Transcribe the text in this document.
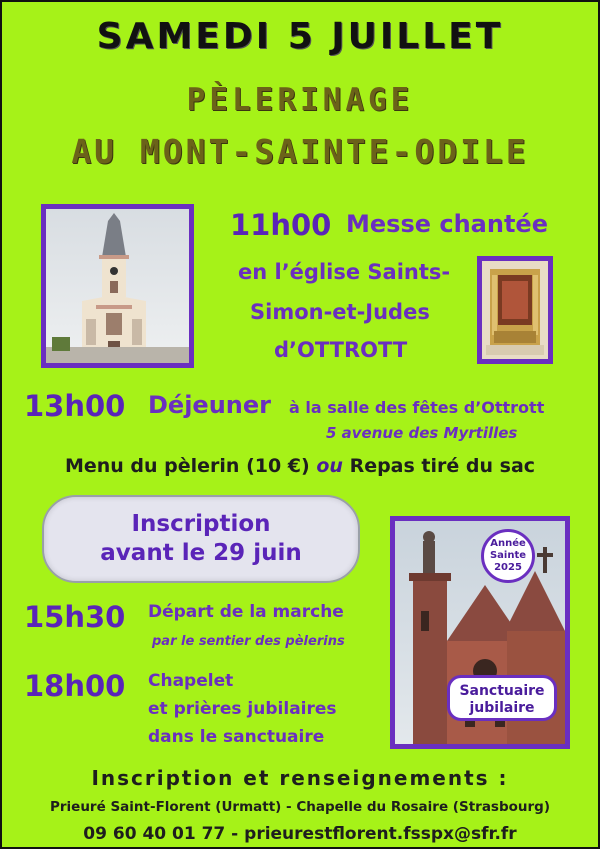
SAMEDI 5 JUILLET
PÈLERINAGE
AU MONT-SAINTE-ODILE
11h00 Messe chantée
en l’église Saints-
Simon-et-Judes
d’OTTROTT
13h00 Déjeuner à la salle des fêtes d’Ottrott
5 avenue des Myrtilles
Menu du pèlerin (10 €) ou Repas tiré du sac
Inscription
avant le 29 juin	Année
Sainte
2025
Sanctuaire
jubilaire
15h30 Départ de la marche
par le sentier des pèlerins
18h00 Chapelet
et prières jubilaires
dans le sanctuaire
Inscription et renseignements :
Prieuré Saint-Florent (Urmatt) - Chapelle du Rosaire (Strasbourg)
09 60 40 01 77 - prieurestflorent.fsspx@sfr.fr
